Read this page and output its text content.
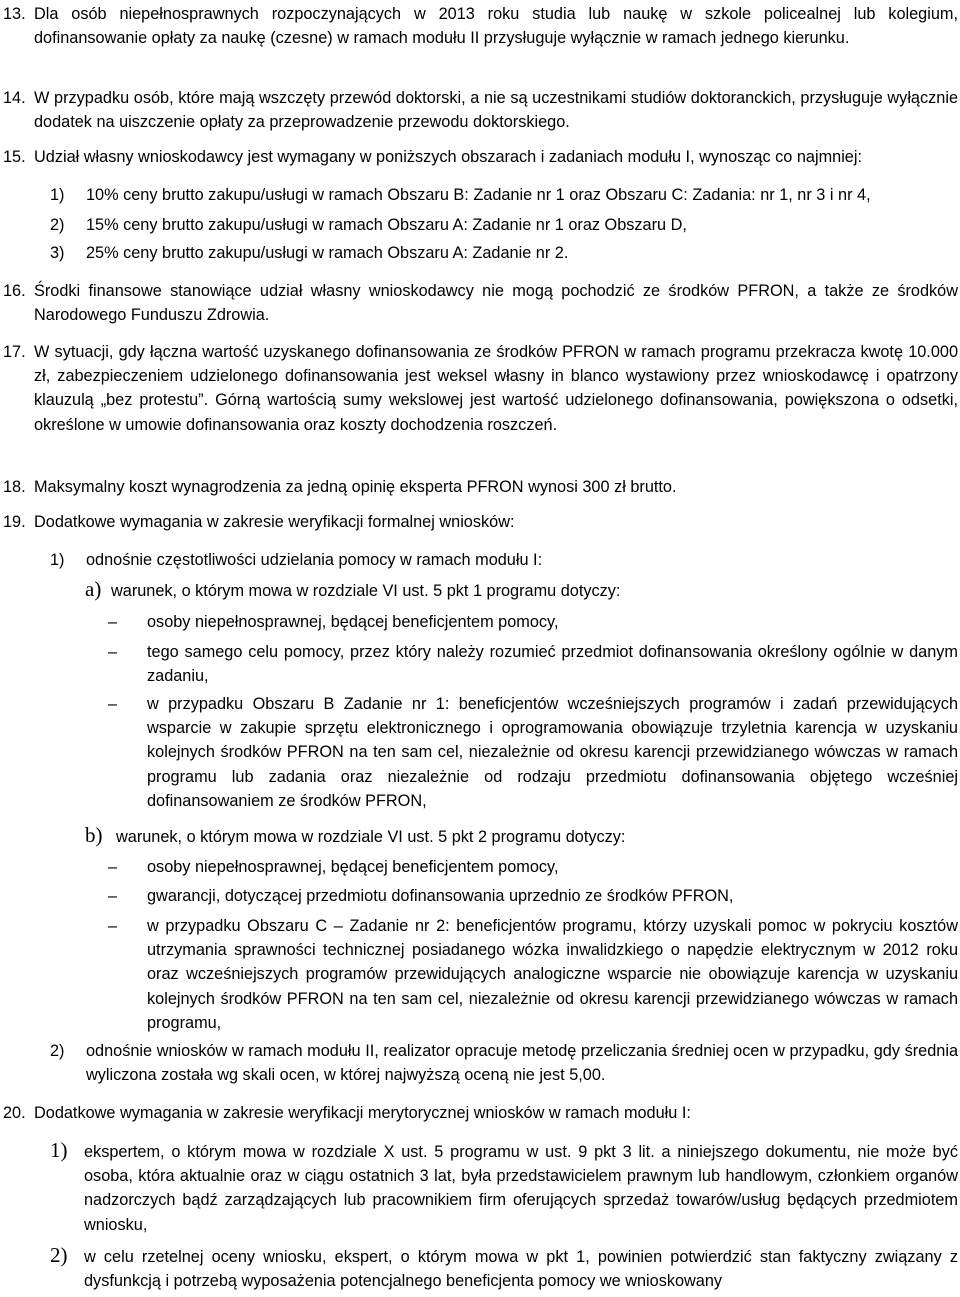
13. Dla osób niepełnosprawnych rozpoczynających w 2013 roku studia lub naukę w szkole policealnej lub kolegium, dofinansowanie opłaty za naukę (czesne) w ramach modułu II przysługuje wyłącznie w ramach jednego kierunku.
14. W przypadku osób, które mają wszczęty przewód doktorski, a nie są uczestnikami studiów doktoranckich, przysługuje wyłącznie dodatek na uiszczenie opłaty za przeprowadzenie przewodu doktorskiego.
15. Udział własny wnioskodawcy jest wymagany w poniższych obszarach i zadaniach modułu I, wynosząc co najmniej:
1) 10% ceny brutto zakupu/usługi w ramach Obszaru B: Zadanie nr 1 oraz Obszaru C: Zadania: nr 1, nr 3 i nr 4,
2) 15% ceny brutto zakupu/usługi w ramach Obszaru A: Zadanie nr 1 oraz Obszaru D,
3) 25% ceny brutto zakupu/usługi w ramach Obszaru A: Zadanie nr 2.
16. Środki finansowe stanowiące udział własny wnioskodawcy nie mogą pochodzić ze środków PFRON, a także ze środków Narodowego Funduszu Zdrowia.
17. W sytuacji, gdy łączna wartość uzyskanego dofinansowania ze środków PFRON w ramach programu przekracza kwotę 10.000 zł, zabezpieczeniem udzielonego dofinansowania jest weksel własny in blanco wystawiony przez wnioskodawcę i opatrzony klauzulą „bez protestu”. Górną wartością sumy wekslowej jest wartość udzielonego dofinansowania, powiększona o odsetki, określone w umowie dofinansowania oraz koszty dochodzenia roszczeń.
18. Maksymalny koszt wynagrodzenia za jedną opinię eksperta PFRON wynosi 300 zł brutto.
19. Dodatkowe wymagania w zakresie weryfikacji formalnej wniosków:
1) odnośnie częstotliwości udzielania pomocy w ramach modułu I:
a) warunek, o którym mowa w rozdziale VI ust. 5 pkt 1 programu dotyczy:
– osoby niepełnosprawnej, będącej beneficjentem pomocy,
– tego samego celu pomocy, przez który należy rozumieć przedmiot dofinansowania określony ogólnie w danym zadaniu,
– w przypadku Obszaru B Zadanie nr 1: beneficjentów wcześniejszych programów i zadań przewidujących wsparcie w zakupie sprzętu elektronicznego i oprogramowania obowiązuje trzyletnia karencja w uzyskaniu kolejnych środków PFRON na ten sam cel, niezależnie od okresu karencji przewidzianego wówczas w ramach programu lub zadania oraz niezależnie od rodzaju przedmiotu dofinansowania objętego wcześniej dofinansowaniem ze środków PFRON,
b) warunek, o którym mowa w rozdziale VI ust. 5 pkt 2 programu dotyczy:
– osoby niepełnosprawnej, będącej beneficjentem pomocy,
– gwarancji, dotyczącej przedmiotu dofinansowania uprzednio ze środków PFRON,
– w przypadku Obszaru C – Zadanie nr 2: beneficjentów programu, którzy uzyskali pomoc w pokryciu kosztów utrzymania sprawności technicznej posiadanego wózka inwalidzkiego o napędzie elektrycznym w 2012 roku oraz wcześniejszych programów przewidujących analogiczne wsparcie nie obowiązuje karencja w uzyskaniu kolejnych środków PFRON na ten sam cel, niezależnie od okresu karencji przewidzianego wówczas w ramach programu,
2) odnośnie wniosków w ramach modułu II, realizator opracuje metodę przeliczania średniej ocen w przypadku, gdy średnia wyliczona została wg skali ocen, w której najwyższą oceną nie jest 5,00.
20. Dodatkowe wymagania w zakresie weryfikacji merytorycznej wniosków w ramach modułu I:
1) ekspertem, o którym mowa w rozdziale X ust. 5 programu w ust. 9 pkt 3 lit. a niniejszego dokumentu, nie może być osoba, która aktualnie oraz w ciągu ostatnich 3 lat, była przedstawicielem prawnym lub handlowym, członkiem organów nadzorczych bądź zarządzających lub pracownikiem firm oferujących sprzedaż towarów/usług będących przedmiotem wniosku,
2) w celu rzetelnej oceny wniosku, ekspert, o którym mowa w pkt 1, powinien potwierdzić stan faktyczny związany z dysfunkcją i potrzebą wyposażenia potencjalnego beneficjenta pomocy we wnioskowany
